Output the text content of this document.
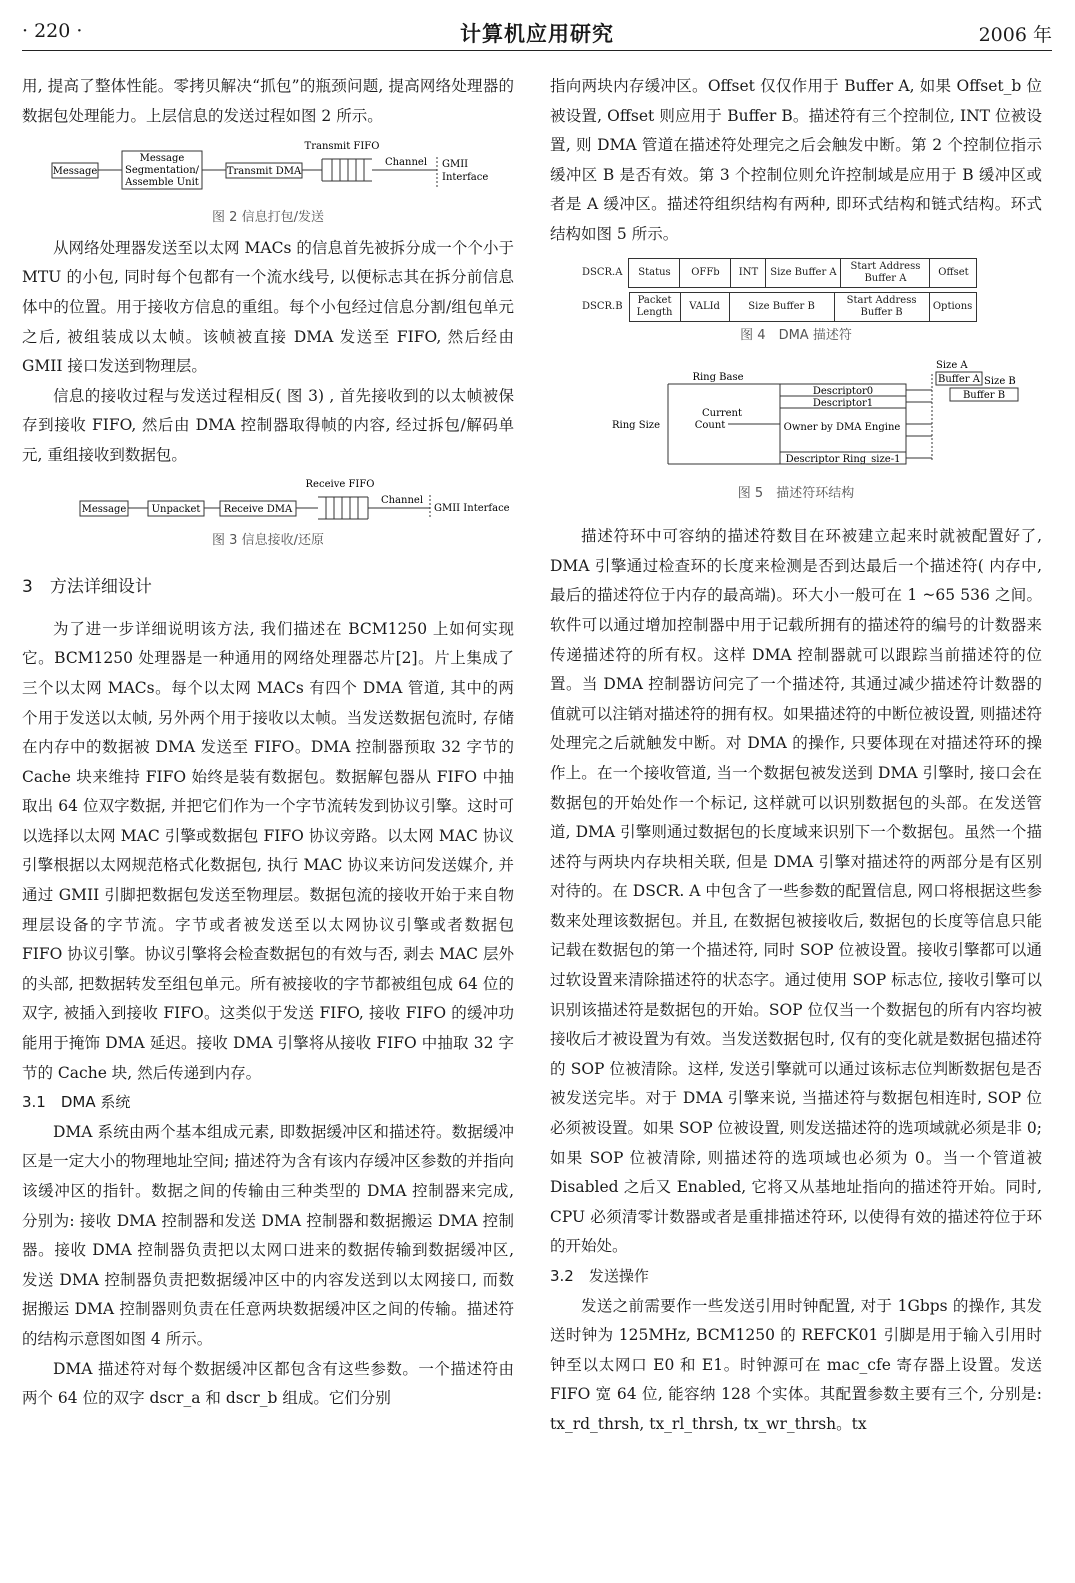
· 220 ·	计算机应用研究	2006 年

用, 提高了整体性能。零拷贝解决“抓包”的瓶颈问题, 提高网络处理器的数据包处理能力。上层信息的发送过程如图 2 所示。

Message
Message
Segmentation/
Assemble Unit
Transmit DMA
Transmit FIFO
Channel GMII
Interface
图 2 信息打包/发送

从网络处理器发送至以太网 MACs 的信息首先被拆分成一个个小于 MTU 的小包, 同时每个包都有一个流水线号, 以便标志其在拆分前信息体中的位置。用于接收方信息的重组。每个小包经过信息分割/组包单元之后, 被组装成以太帧。该帧被直接 DMA 发送至 FIFO, 然后经由 GMII 接口发送到物理层。

信息的接收过程与发送过程相反( 图 3) , 首先接收到的以太帧被保存到接收 FIFO, 然后由 DMA 控制器取得帧的内容, 经过拆包/解码单元, 重组接收到数据包。

Message	Unpacket Receive DMA
Receive FIFO
Channel
GMII Interface
图 3 信息接收/还原

3　方法详细设计

为了进一步详细说明该方法, 我们描述在 BCM1250 上如何实现它。BCM1250 处理器是一种通用的网络处理器芯片[2]。片上集成了三个以太网 MACs。每个以太网 MACs 有四个 DMA 管道, 其中的两个用于发送以太帧, 另外两个用于接收以太帧。当发送数据包流时, 存储在内存中的数据被 DMA 发送至 FIFO。DMA 控制器预取 32 字节的 Cache 块来维持 FIFO 始终是装有数据包。数据解包器从 FIFO 中抽取出 64 位双字数据, 并把它们作为一个字节流转发到协议引擎。这时可以选择以太网 MAC 引擎或数据包 FIFO 协议旁路。以太网 MAC 协议引擎根据以太网规范格式化数据包, 执行 MAC 协议来访问发送媒介, 并通过 GMII 引脚把数据包发送至物理层。数据包流的接收开始于来自物理层设备的字节流。字节或者被发送至以太网协议引擎或者数据包 FIFO 协议引擎。协议引擎将会检查数据包的有效与否, 剥去 MAC 层外的头部, 把数据转发至组包单元。所有被接收的字节都被组包成 64 位的双字, 被插入到接收 FIFO。这类似于发送 FIFO, 接收 FIFO 的缓冲功能用于掩饰 DMA 延迟。接收 DMA 引擎将从接收 FIFO 中抽取 32 字节的 Cache 块, 然后传递到内存。

3.1　DMA 系统

DMA 系统由两个基本组成元素, 即数据缓冲区和描述符。数据缓冲区是一定大小的物理地址空间; 描述符为含有该内存缓冲区参数的并指向该缓冲区的指针。数据之间的传输由三种类型的 DMA 控制器来完成, 分别为: 接收 DMA 控制器和发送 DMA 控制器和数据搬运 DMA 控制器。接收 DMA 控制器负责把以太网口进来的数据传输到数据缓冲区, 发送 DMA 控制器负责把数据缓冲区中的内容发送到以太网接口, 而数据搬运 DMA 控制器则负责在任意两块数据缓冲区之间的传输。描述符的结构示意图如图 4 所示。

DMA 描述符对每个数据缓冲区都包含有这些参数。一个描述符由两个 64 位的双字 dscr_a 和 dscr_b 组成。它们分别

指向两块内存缓冲区。Offset 仅仅作用于 Buffer A, 如果 Offset_b 位被设置, Offset 则应用于 Buffer B。描述符有三个控制位, INT 位被设置, 则 DMA 管道在描述符处理完之后会触发中断。第 2 个控制位指示缓冲区 B 是否有效。第 3 个控制位则允许控制域是应用于 B 缓冲区或者是 A 缓冲区。描述符组织结构有两种, 即环式结构和链式结构。环式结构如图 5 所示。

DSCR.A	Status	OFFb	INT	Size Buffer A	Start Address Buffer A	Offset
DSCR.B	Packet Length	VALId	Size Buffer B	Start Address Buffer B	Options
图 4　DMA 描述符
Ring Base
Ring Size
Descriptor0
Descriptor1
Current
Count	Owner by DMA Engine
Descriptor Ring_size-1
Size A
Buffer A Size B
Buffer B
图 5　描述符环结构

描述符环中可容纳的描述符数目在环被建立起来时就被配置好了, DMA 引擎通过检查环的长度来检测是否到达最后一个描述符( 内存中, 最后的描述符位于内存的最高端)。环大小一般可在 1 ~65 536 之间。软件可以通过增加控制器中用于记载所拥有的描述符的编号的计数器来传递描述符的所有权。这样 DMA 控制器就可以跟踪当前描述符的位置。当 DMA 控制器访问完了一个描述符, 其通过减少描述符计数器的值就可以注销对描述符的拥有权。如果描述符的中断位被设置, 则描述符处理完之后就触发中断。对 DMA 的操作, 只要体现在对描述符环的操作上。在一个接收管道, 当一个数据包被发送到 DMA 引擎时, 接口会在数据包的开始处作一个标记, 这样就可以识别数据包的头部。在发送管道, DMA 引擎则通过数据包的长度域来识别下一个数据包。虽然一个描述符与两块内存块相关联, 但是 DMA 引擎对描述符的两部分是有区别对待的。在 DSCR. A 中包含了一些参数的配置信息, 网口将根据这些参数来处理该数据包。并且, 在数据包被接收后, 数据包的长度等信息只能记载在数据包的第一个描述符, 同时 SOP 位被设置。接收引擎都可以通过软设置来清除描述符的状态字。通过使用 SOP 标志位, 接收引擎可以识别该描述符是数据包的开始。SOP 位仅当一个数据包的所有内容均被接收后才被设置为有效。当发送数据包时, 仅有的变化就是数据包描述符的 SOP 位被清除。这样, 发送引擎就可以通过该标志位判断数据包是否被发送完毕。对于 DMA 引擎来说, 当描述符与数据包相连时, SOP 位必须被设置。如果 SOP 位被设置, 则发送描述符的选项域就必须是非 0; 如果 SOP 位被清除, 则描述符的选项域也必须为 0。当一个管道被 Disabled 之后又 Enabled, 它将又从基地址指向的描述符开始。同时, CPU 必须清零计数器或者是重排描述符环, 以使得有效的描述符位于环的开始处。

3.2　发送操作

发送之前需要作一些发送引用时钟配置, 对于 1Gbps 的操作, 其发送时钟为 125MHz, BCM1250 的 REFCK01 引脚是用于输入引用时钟至以太网口 E0 和 E1。时钟源可在 mac_cfe 寄存器上设置。发送 FIFO 宽 64 位, 能容纳 128 个实体。其配置参数主要有三个, 分别是: tx_rd_thrsh, tx_rl_thrsh, tx_wr_thrsh。tx
